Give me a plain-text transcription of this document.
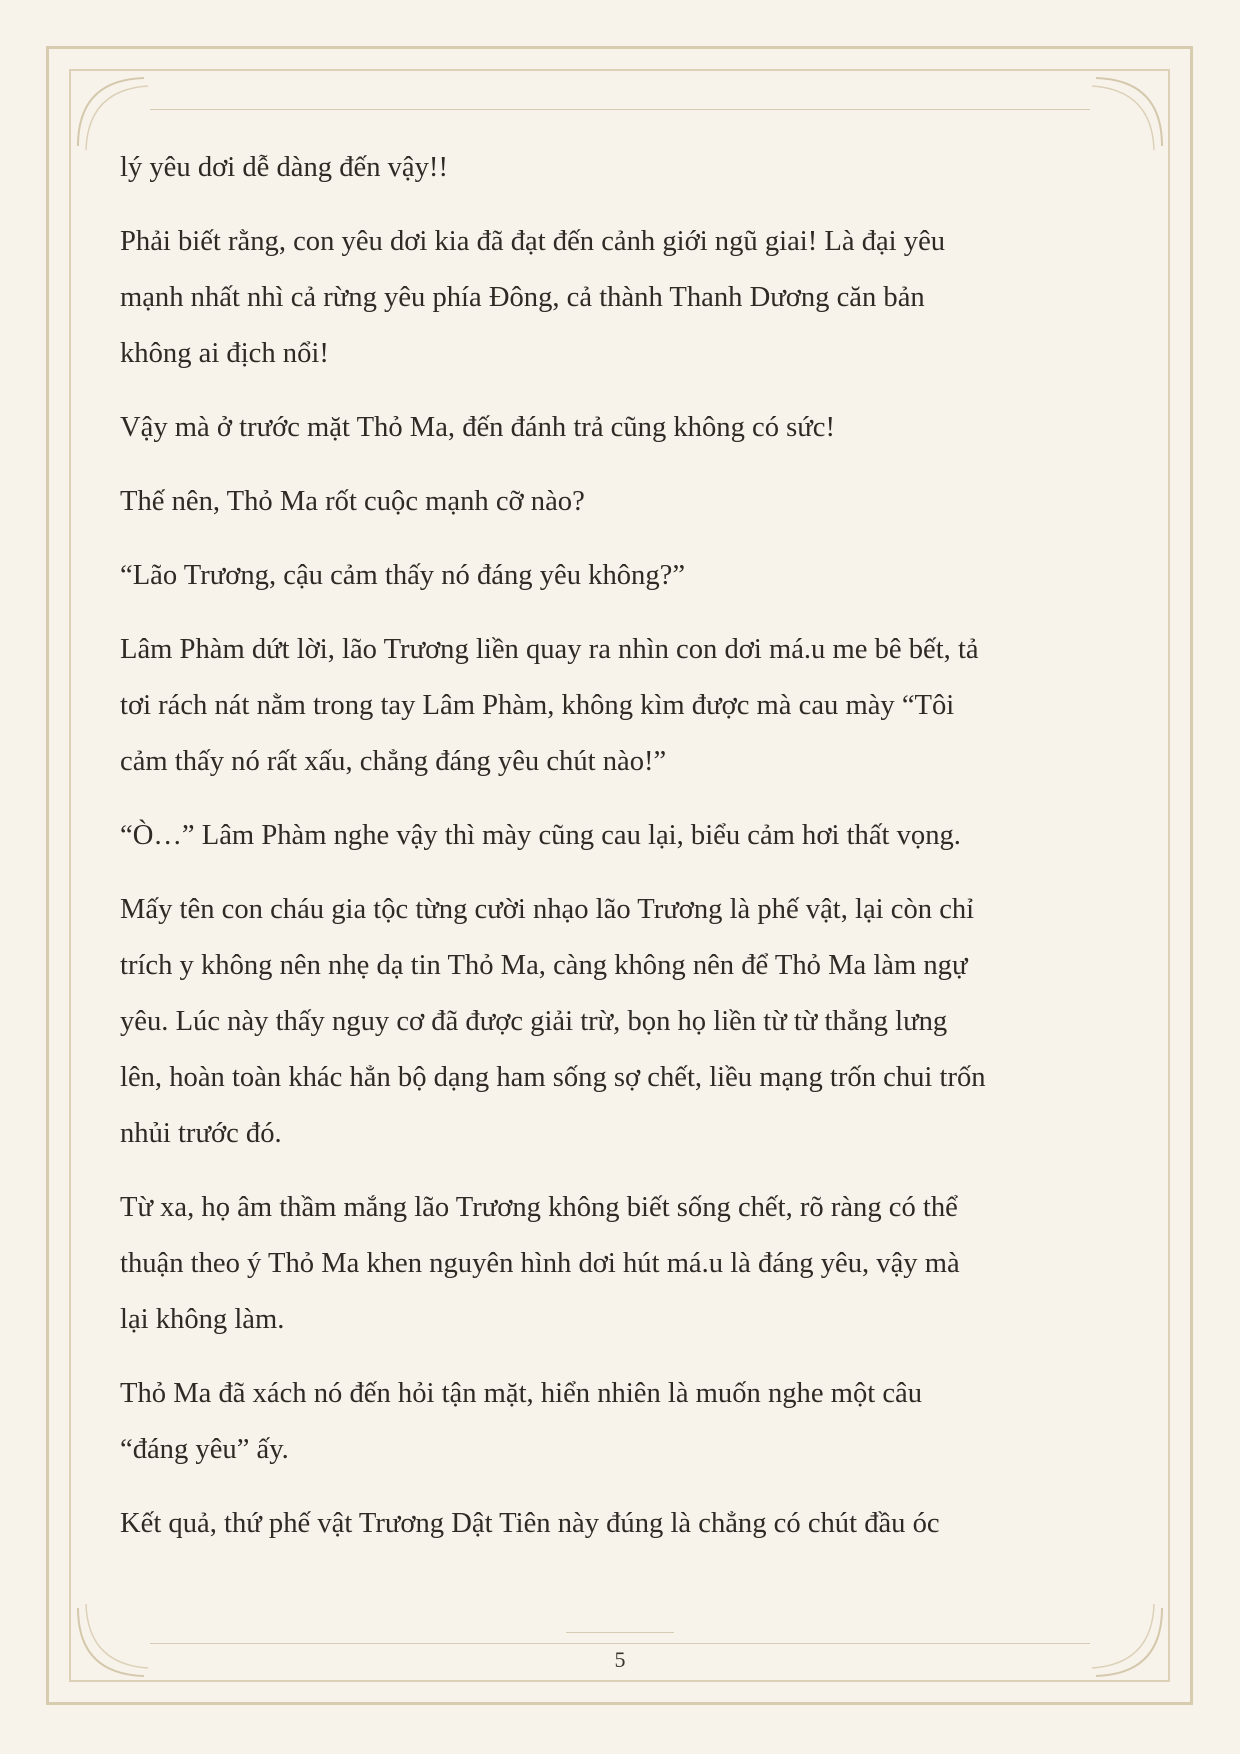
lý yêu dơi dễ dàng đến vậy!!

Phải biết rằng, con yêu dơi kia đã đạt đến cảnh giới ngũ giai! Là đại yêu
mạnh nhất nhì cả rừng yêu phía Đông, cả thành Thanh Dương căn bản
không ai địch nổi!

Vậy mà ở trước mặt Thỏ Ma, đến đánh trả cũng không có sức!

Thế nên, Thỏ Ma rốt cuộc mạnh cỡ nào?

“Lão Trương, cậu cảm thấy nó đáng yêu không?”

Lâm Phàm dứt lời, lão Trương liền quay ra nhìn con dơi má.u me bê bết, tả
tơi rách nát nằm trong tay Lâm Phàm, không kìm được mà cau mày “Tôi
cảm thấy nó rất xấu, chẳng đáng yêu chút nào!”

“Ò…” Lâm Phàm nghe vậy thì mày cũng cau lại, biểu cảm hơi thất vọng.

Mấy tên con cháu gia tộc từng cười nhạo lão Trương là phế vật, lại còn chỉ
trích y không nên nhẹ dạ tin Thỏ Ma, càng không nên để Thỏ Ma làm ngự
yêu. Lúc này thấy nguy cơ đã được giải trừ, bọn họ liền từ từ thẳng lưng
lên, hoàn toàn khác hẳn bộ dạng ham sống sợ chết, liều mạng trốn chui trốn
nhủi trước đó.

Từ xa, họ âm thầm mắng lão Trương không biết sống chết, rõ ràng có thể
thuận theo ý Thỏ Ma khen nguyên hình dơi hút má.u là đáng yêu, vậy mà
lại không làm.

Thỏ Ma đã xách nó đến hỏi tận mặt, hiển nhiên là muốn nghe một câu
“đáng yêu” ấy.

Kết quả, thứ phế vật Trương Dật Tiên này đúng là chẳng có chút đầu óc

5
